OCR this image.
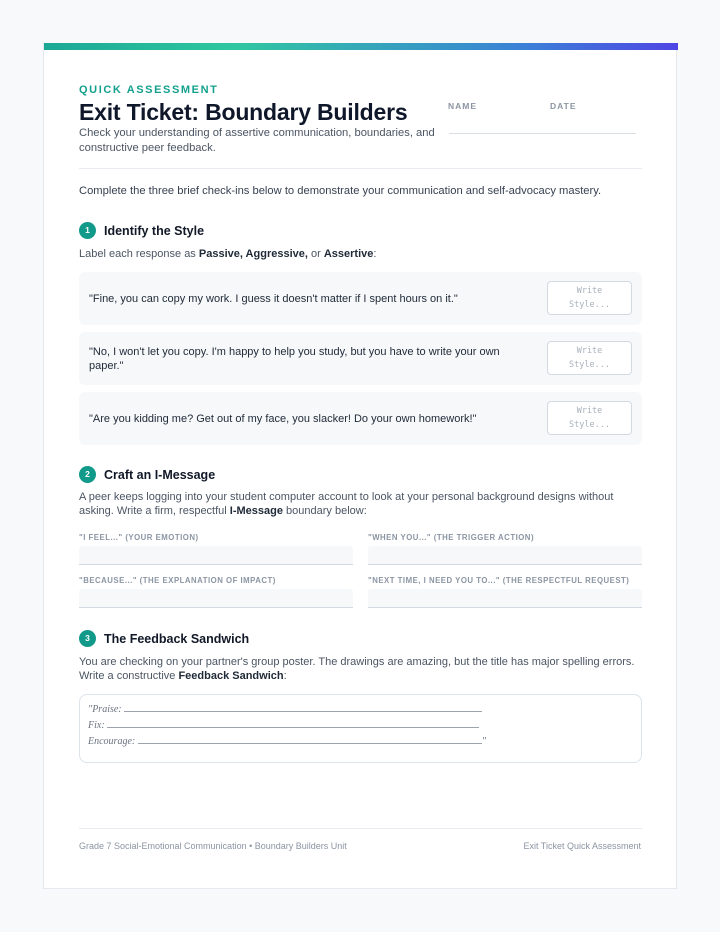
QUICK ASSESSMENT
Exit Ticket: Boundary Builders
Check your understanding of assertive communication, boundaries, and constructive peer feedback.
NAME	DATE
Complete the three brief check-ins below to demonstrate your communication and self-advocacy mastery.
1	Identify the Style
Label each response as Passive, Aggressive, or Assertive:
"Fine, you can copy my work. I guess it doesn't matter if I spent hours on it."
Write
Style...
"No, I won't let you copy. I'm happy to help you study, but you have to write your own paper."
Write
Style...
"Are you kidding me? Get out of my face, you slacker! Do your own homework!"
Write
Style...
2	Craft an I-Message
A peer keeps logging into your student computer account to look at your personal background designs without asking. Write a firm, respectful I-Message boundary below:
"I FEEL..." (YOUR EMOTION)	"WHEN YOU..." (THE TRIGGER ACTION)
"BECAUSE..." (THE EXPLANATION OF IMPACT)	"NEXT TIME, I NEED YOU TO..." (THE RESPECTFUL REQUEST)
3	The Feedback Sandwich
You are checking on your partner's group poster. The drawings are amazing, but the title has major spelling errors. Write a constructive Feedback Sandwich:
"Praise:
Fix:
Encourage:	"
Grade 7 Social-Emotional Communication • Boundary Builders Unit	Exit Ticket Quick Assessment
